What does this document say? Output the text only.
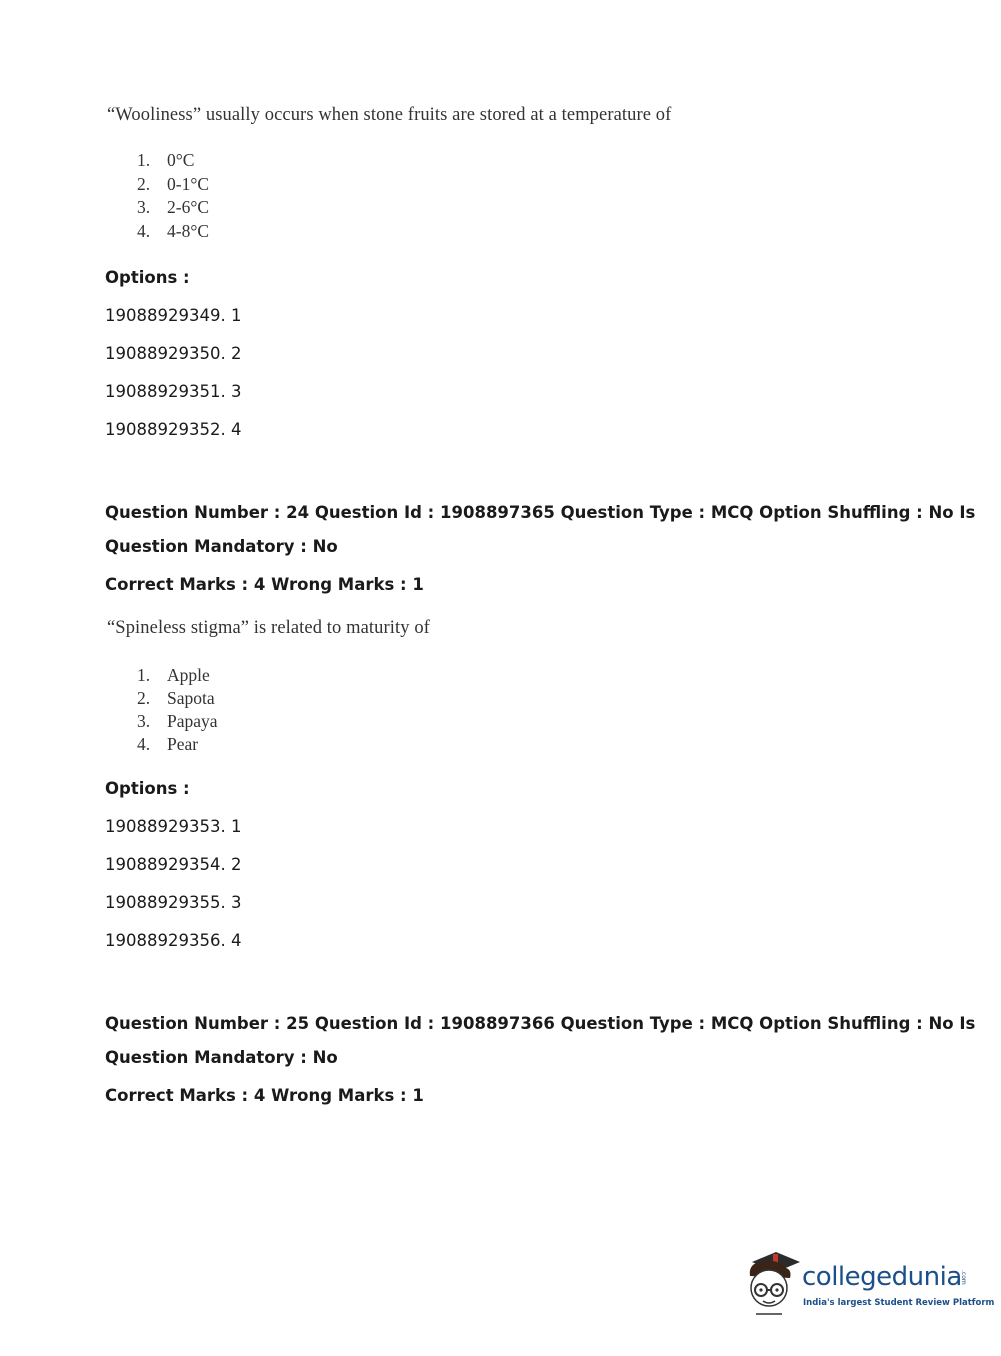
“Wooliness” usually occurs when stone fruits are stored at a temperature of
1. 0°C
2. 0-1°C
3. 2-6°C
4. 4-8°C
Options :
19088929349. 1
19088929350. 2
19088929351. 3
19088929352. 4
Question Number : 24 Question Id : 1908897365 Question Type : MCQ Option Shuffling : No Is
Question Mandatory : No
Correct Marks : 4 Wrong Marks : 1
“Spineless stigma” is related to maturity of
1. Apple
2. Sapota
3. Papaya
4. Pear
Options :
19088929353. 1
19088929354. 2
19088929355. 3
19088929356. 4
Question Number : 25 Question Id : 1908897366 Question Type : MCQ Option Shuffling : No Is
Question Mandatory : No
Correct Marks : 4 Wrong Marks : 1
collegedunia
.com
India's largest Student Review Platform
